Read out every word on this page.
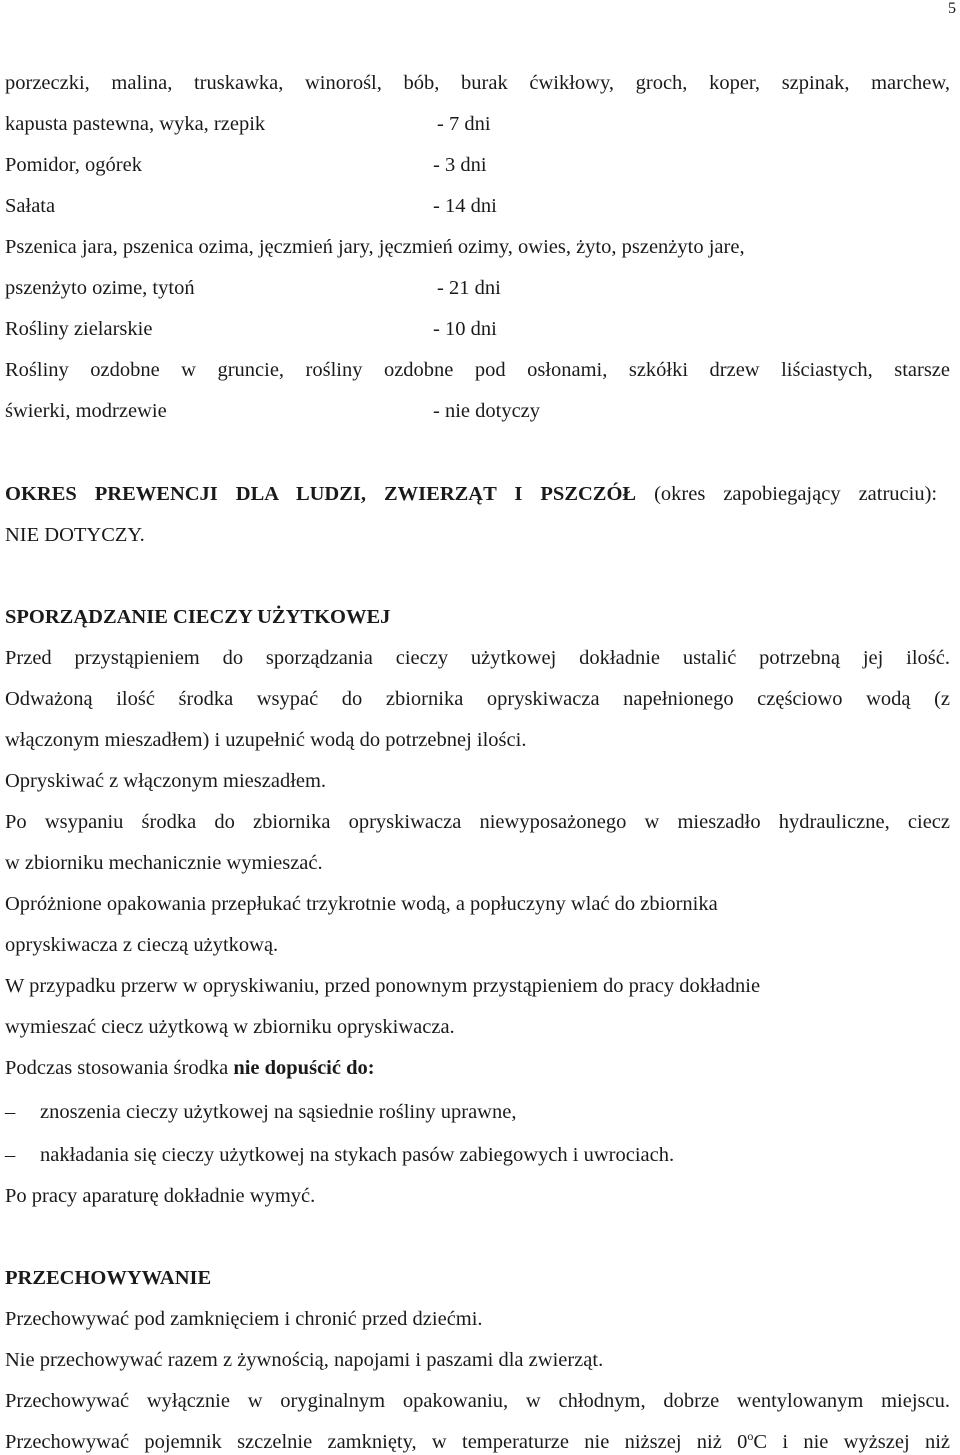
5
porzeczki, malina, truskawka, winorośl, bób, burak ćwikłowy, groch, koper, szpinak, marchew,
kapusta pastewna, wyka, rzepik	- 7 dni
Pomidor, ogórek	- 3 dni
Sałata	- 14 dni
Pszenica jara, pszenica ozima, jęczmień jary, jęczmień ozimy, owies, żyto, pszenżyto jare,
pszenżyto ozime, tytoń	- 21 dni
Rośliny zielarskie	- 10 dni
Rośliny ozdobne w gruncie, rośliny ozdobne pod osłonami, szkółki drzew liściastych, starsze
świerki, modrzewie	- nie dotyczy
OKRES PREWENCJI DLA LUDZI, ZWIERZĄT I PSZCZÓŁ (okres zapobiegający zatruciu):
NIE DOTYCZY.
SPORZĄDZANIE CIECZY UŻYTKOWEJ
Przed przystąpieniem do sporządzania cieczy użytkowej dokładnie ustalić potrzebną jej ilość.
Odważoną ilość środka wsypać do zbiornika opryskiwacza napełnionego częściowo wodą (z
włączonym mieszadłem) i uzupełnić wodą do potrzebnej ilości.
Opryskiwać z włączonym mieszadłem.
Po wsypaniu środka do zbiornika opryskiwacza niewyposażonego w mieszadło hydrauliczne, ciecz
w zbiorniku mechanicznie wymieszać.
Opróżnione opakowania przepłukać trzykrotnie wodą, a popłuczyny wlać do zbiornika
opryskiwacza z cieczą użytkową.
W przypadku przerw w opryskiwaniu, przed ponownym przystąpieniem do pracy dokładnie
wymieszać ciecz użytkową w zbiorniku opryskiwacza.
Podczas stosowania środka nie dopuścić do:
– znoszenia cieczy użytkowej na sąsiednie rośliny uprawne,
– nakładania się cieczy użytkowej na stykach pasów zabiegowych i uwrociach.
Po pracy aparaturę dokładnie wymyć.
PRZECHOWYWANIE
Przechowywać pod zamknięciem i chronić przed dziećmi.
Nie przechowywać razem z żywnością, napojami i paszami dla zwierząt.
Przechowywać wyłącznie w oryginalnym opakowaniu, w chłodnym, dobrze wentylowanym miejscu.
Przechowywać pojemnik szczelnie zamknięty, w temperaturze nie niższej niż 0$^o$C i nie wyższej niż
